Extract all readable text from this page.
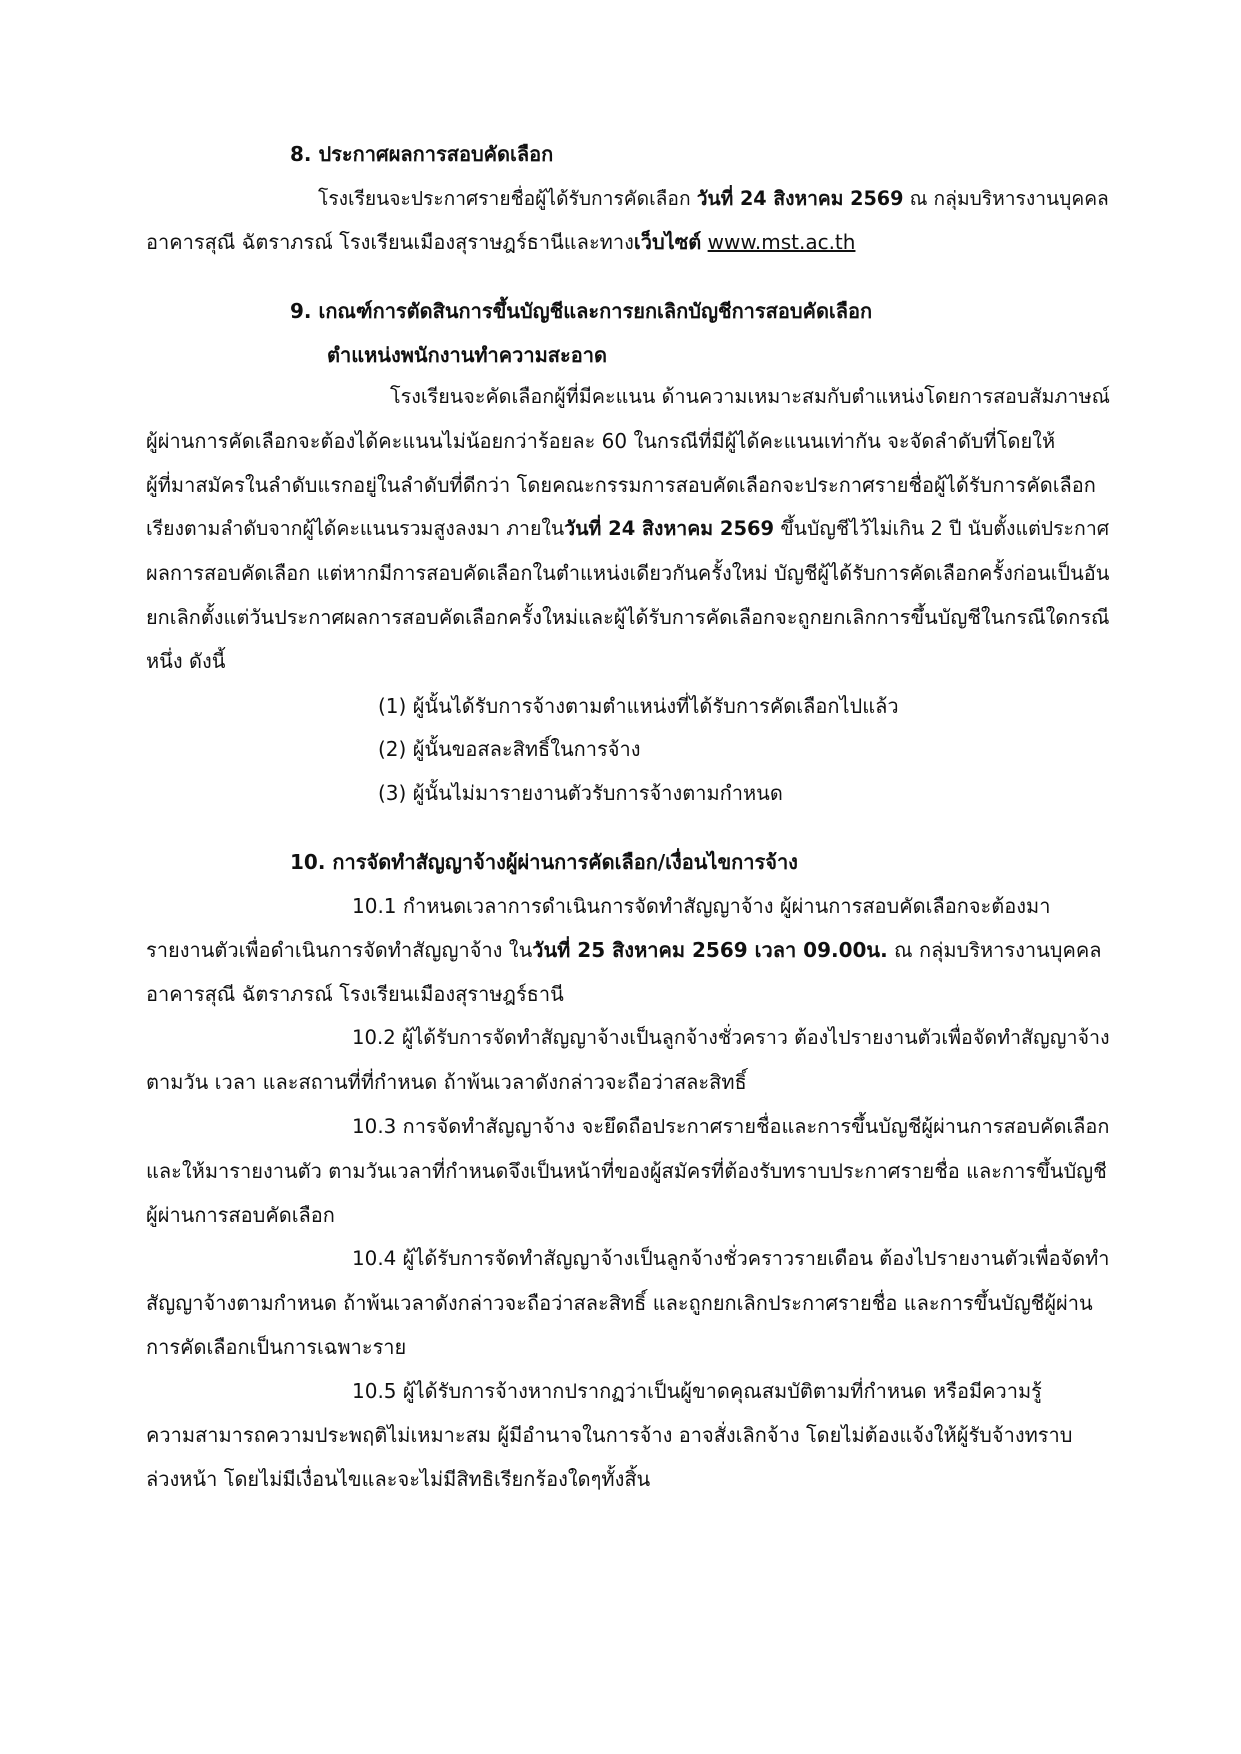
8. ประกาศผลการสอบคัดเลือก
โรงเรียนจะประกาศรายชื่อผู้ได้รับการคัดเลือก วันที่ 24 สิงหาคม 2569 ณ กลุ่มบริหารงานบุคคล
อาคารสุณี ฉัตราภรณ์ โรงเรียนเมืองสุราษฎร์ธานีและทางเว็บไซต์ www.mst.ac.th
9. เกณฑ์การตัดสินการขึ้นบัญชีและการยกเลิกบัญชีการสอบคัดเลือก
ตำแหน่งพนักงานทำความสะอาด
โรงเรียนจะคัดเลือกผู้ที่มีคะแนน ด้านความเหมาะสมกับตำแหน่งโดยการสอบสัมภาษณ์
ผู้ผ่านการคัดเลือกจะต้องได้คะแนนไม่น้อยกว่าร้อยละ 60 ในกรณีที่มีผู้ได้คะแนนเท่ากัน จะจัดลำดับที่โดยให้
ผู้ที่มาสมัครในลำดับแรกอยู่ในลำดับที่ดีกว่า โดยคณะกรรมการสอบคัดเลือกจะประกาศรายชื่อผู้ได้รับการคัดเลือก
เรียงตามลำดับจากผู้ได้คะแนนรวมสูงลงมา ภายในวันที่ 24 สิงหาคม 2569 ขึ้นบัญชีไว้ไม่เกิน 2 ปี นับตั้งแต่ประกาศ
ผลการสอบคัดเลือก แต่หากมีการสอบคัดเลือกในตำแหน่งเดียวกันครั้งใหม่ บัญชีผู้ได้รับการคัดเลือกครั้งก่อนเป็นอัน
ยกเลิกตั้งแต่วันประกาศผลการสอบคัดเลือกครั้งใหม่และผู้ได้รับการคัดเลือกจะถูกยกเลิกการขึ้นบัญชีในกรณีใดกรณี
หนึ่ง ดังนี้
(1) ผู้นั้นได้รับการจ้างตามตำแหน่งที่ได้รับการคัดเลือกไปแล้ว
(2) ผู้นั้นขอสละสิทธิ์ในการจ้าง
(3) ผู้นั้นไม่มารายงานตัวรับการจ้างตามกำหนด
10. การจัดทำสัญญาจ้างผู้ผ่านการคัดเลือก/เงื่อนไขการจ้าง
10.1 กำหนดเวลาการดำเนินการจัดทำสัญญาจ้าง ผู้ผ่านการสอบคัดเลือกจะต้องมา
รายงานตัวเพื่อดำเนินการจัดทำสัญญาจ้าง ในวันที่ 25 สิงหาคม 2569 เวลา 09.00น. ณ กลุ่มบริหารงานบุคคล
อาคารสุณี ฉัตราภรณ์ โรงเรียนเมืองสุราษฎร์ธานี
10.2 ผู้ได้รับการจัดทำสัญญาจ้างเป็นลูกจ้างชั่วคราว ต้องไปรายงานตัวเพื่อจัดทำสัญญาจ้าง
ตามวัน เวลา และสถานที่ที่กำหนด ถ้าพ้นเวลาดังกล่าวจะถือว่าสละสิทธิ์
10.3 การจัดทำสัญญาจ้าง จะยึดถือประกาศรายชื่อและการขึ้นบัญชีผู้ผ่านการสอบคัดเลือก
และให้มารายงานตัว ตามวันเวลาที่กำหนดจึงเป็นหน้าที่ของผู้สมัครที่ต้องรับทราบประกาศรายชื่อ และการขึ้นบัญชี
ผู้ผ่านการสอบคัดเลือก
10.4 ผู้ได้รับการจัดทำสัญญาจ้างเป็นลูกจ้างชั่วคราวรายเดือน ต้องไปรายงานตัวเพื่อจัดทำ
สัญญาจ้างตามกำหนด ถ้าพ้นเวลาดังกล่าวจะถือว่าสละสิทธิ์ และถูกยกเลิกประกาศรายชื่อ และการขึ้นบัญชีผู้ผ่าน
การคัดเลือกเป็นการเฉพาะราย
10.5 ผู้ได้รับการจ้างหากปรากฏว่าเป็นผู้ขาดคุณสมบัติตามที่กำหนด หรือมีความรู้
ความสามารถความประพฤติไม่เหมาะสม ผู้มีอำนาจในการจ้าง อาจสั่งเลิกจ้าง โดยไม่ต้องแจ้งให้ผู้รับจ้างทราบ
ล่วงหน้า โดยไม่มีเงื่อนไขและจะไม่มีสิทธิเรียกร้องใดๆทั้งสิ้น
